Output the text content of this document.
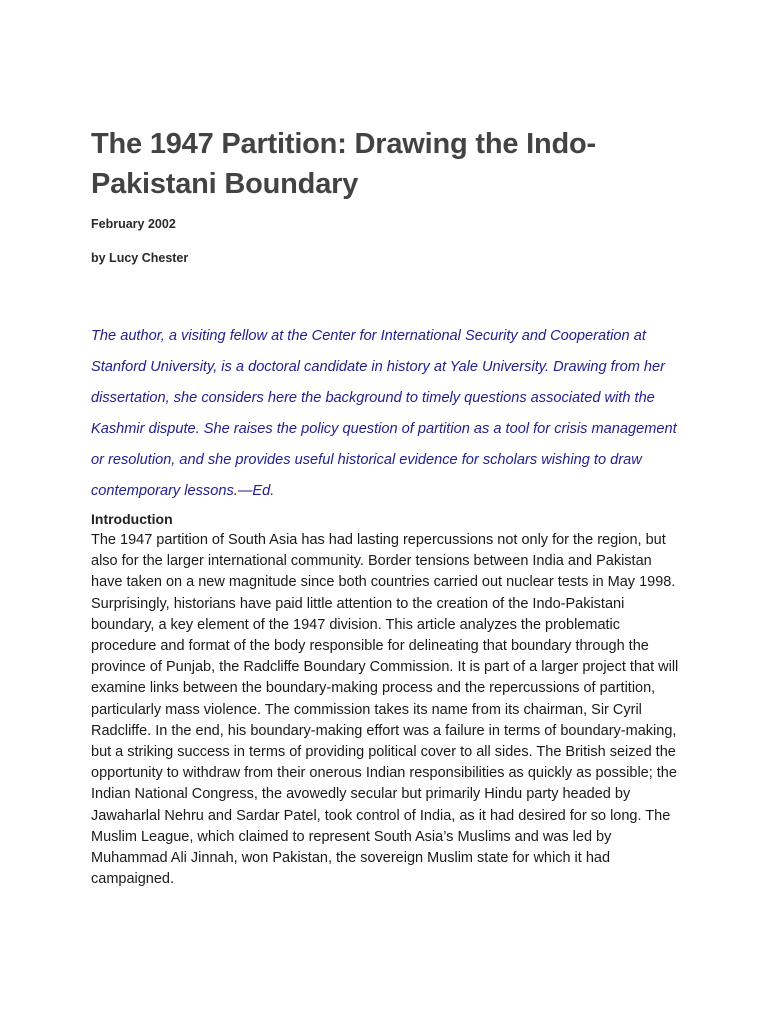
The 1947 Partition: Drawing the Indo-Pakistani Boundary

February 2002

by Lucy Chester

The author, a visiting fellow at the Center for International Security and Cooperation at Stanford University, is a doctoral candidate in history at Yale University. Drawing from her dissertation, she considers here the background to timely questions associated with the Kashmir dispute. She raises the policy question of partition as a tool for crisis management or resolution, and she provides useful historical evidence for scholars wishing to draw contemporary lessons.—Ed.

Introduction

The 1947 partition of South Asia has had lasting repercussions not only for the region, but also for the larger international community. Border tensions between India and Pakistan have taken on a new magnitude since both countries carried out nuclear tests in May 1998. Surprisingly, historians have paid little attention to the creation of the Indo-Pakistani boundary, a key element of the 1947 division. This article analyzes the problematic procedure and format of the body responsible for delineating that boundary through the province of Punjab, the Radcliffe Boundary Commission. It is part of a larger project that will examine links between the boundary-making process and the repercussions of partition, particularly mass violence. The commission takes its name from its chairman, Sir Cyril Radcliffe. In the end, his boundary-making effort was a failure in terms of boundary-making, but a striking success in terms of providing political cover to all sides. The British seized the opportunity to withdraw from their onerous Indian responsibilities as quickly as possible; the Indian National Congress, the avowedly secular but primarily Hindu party headed by Jawaharlal Nehru and Sardar Patel, took control of India, as it had desired for so long. The Muslim League, which claimed to represent South Asia’s Muslims and was led by Muhammad Ali Jinnah, won Pakistan, the sovereign Muslim state for which it had campaigned.
